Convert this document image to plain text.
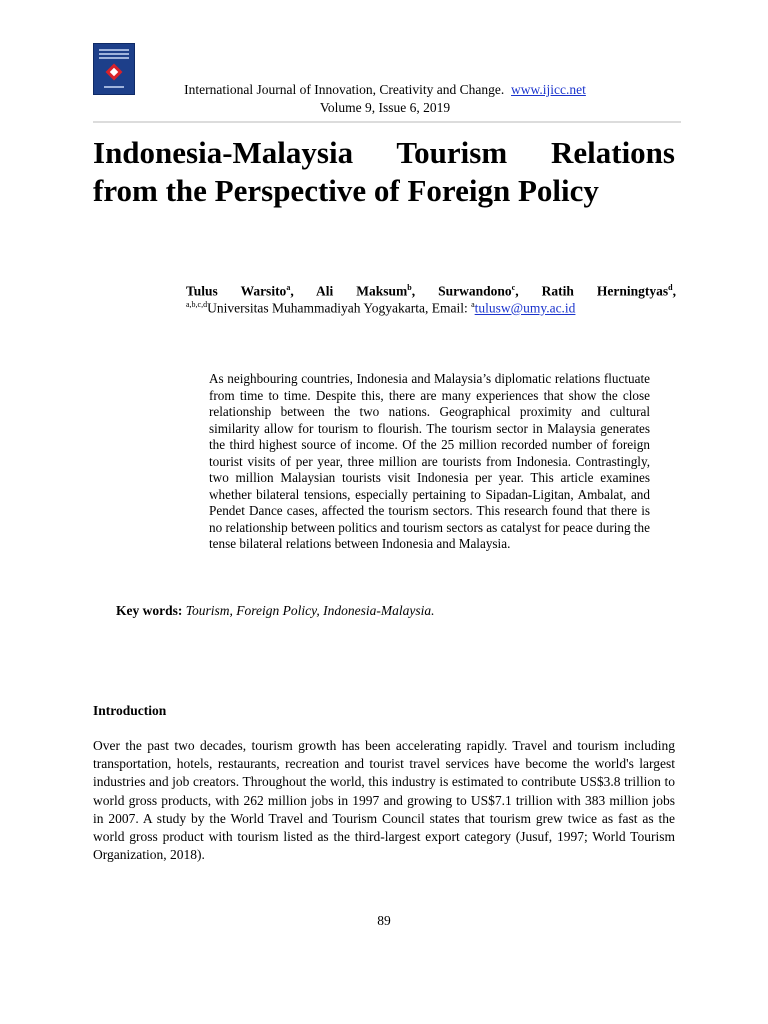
International Journal of Innovation, Creativity and Change. www.ijicc.net
Volume 9, Issue 6, 2019
Indonesia-Malaysia Tourism Relations from the Perspective of Foreign Policy
Tulus Warsito$^a$, Ali Maksum$^b$, Surwandono$^c$, Ratih Herningtyas$^d$,
$^{a,b,c,d}$Universitas Muhammadiyah Yogyakarta, Email: $^a$tulusw@umy.ac.id

As neighbouring countries, Indonesia and Malaysia’s diplomatic relations fluctuate from time to time. Despite this, there are many experiences that show the close relationship between the two nations. Geographical proximity and cultural similarity allow for tourism to flourish. The tourism sector in Malaysia generates the third highest source of income. Of the 25 million recorded number of foreign tourist visits of per year, three million are tourists from Indonesia. Contrastingly, two million Malaysian tourists visit Indonesia per year. This article examines whether bilateral tensions, especially pertaining to Sipadan-Ligitan, Ambalat, and Pendet Dance cases, affected the tourism sectors. This research found that there is no relationship between politics and tourism sectors as catalyst for peace during the tense bilateral relations between Indonesia and Malaysia.

Key words: Tourism, Foreign Policy, Indonesia-Malaysia.
Introduction

Over the past two decades, tourism growth has been accelerating rapidly. Travel and tourism including transportation, hotels, restaurants, recreation and tourist travel services have become the world's largest industries and job creators. Throughout the world, this industry is estimated to contribute US$3.8 trillion to world gross products, with 262 million jobs in 1997 and growing to US$7.1 trillion with 383 million jobs in 2007. A study by the World Travel and Tourism Council states that tourism grew twice as fast as the world gross product with tourism listed as the third-largest export category (Jusuf, 1997; World Tourism Organization, 2018).

89
